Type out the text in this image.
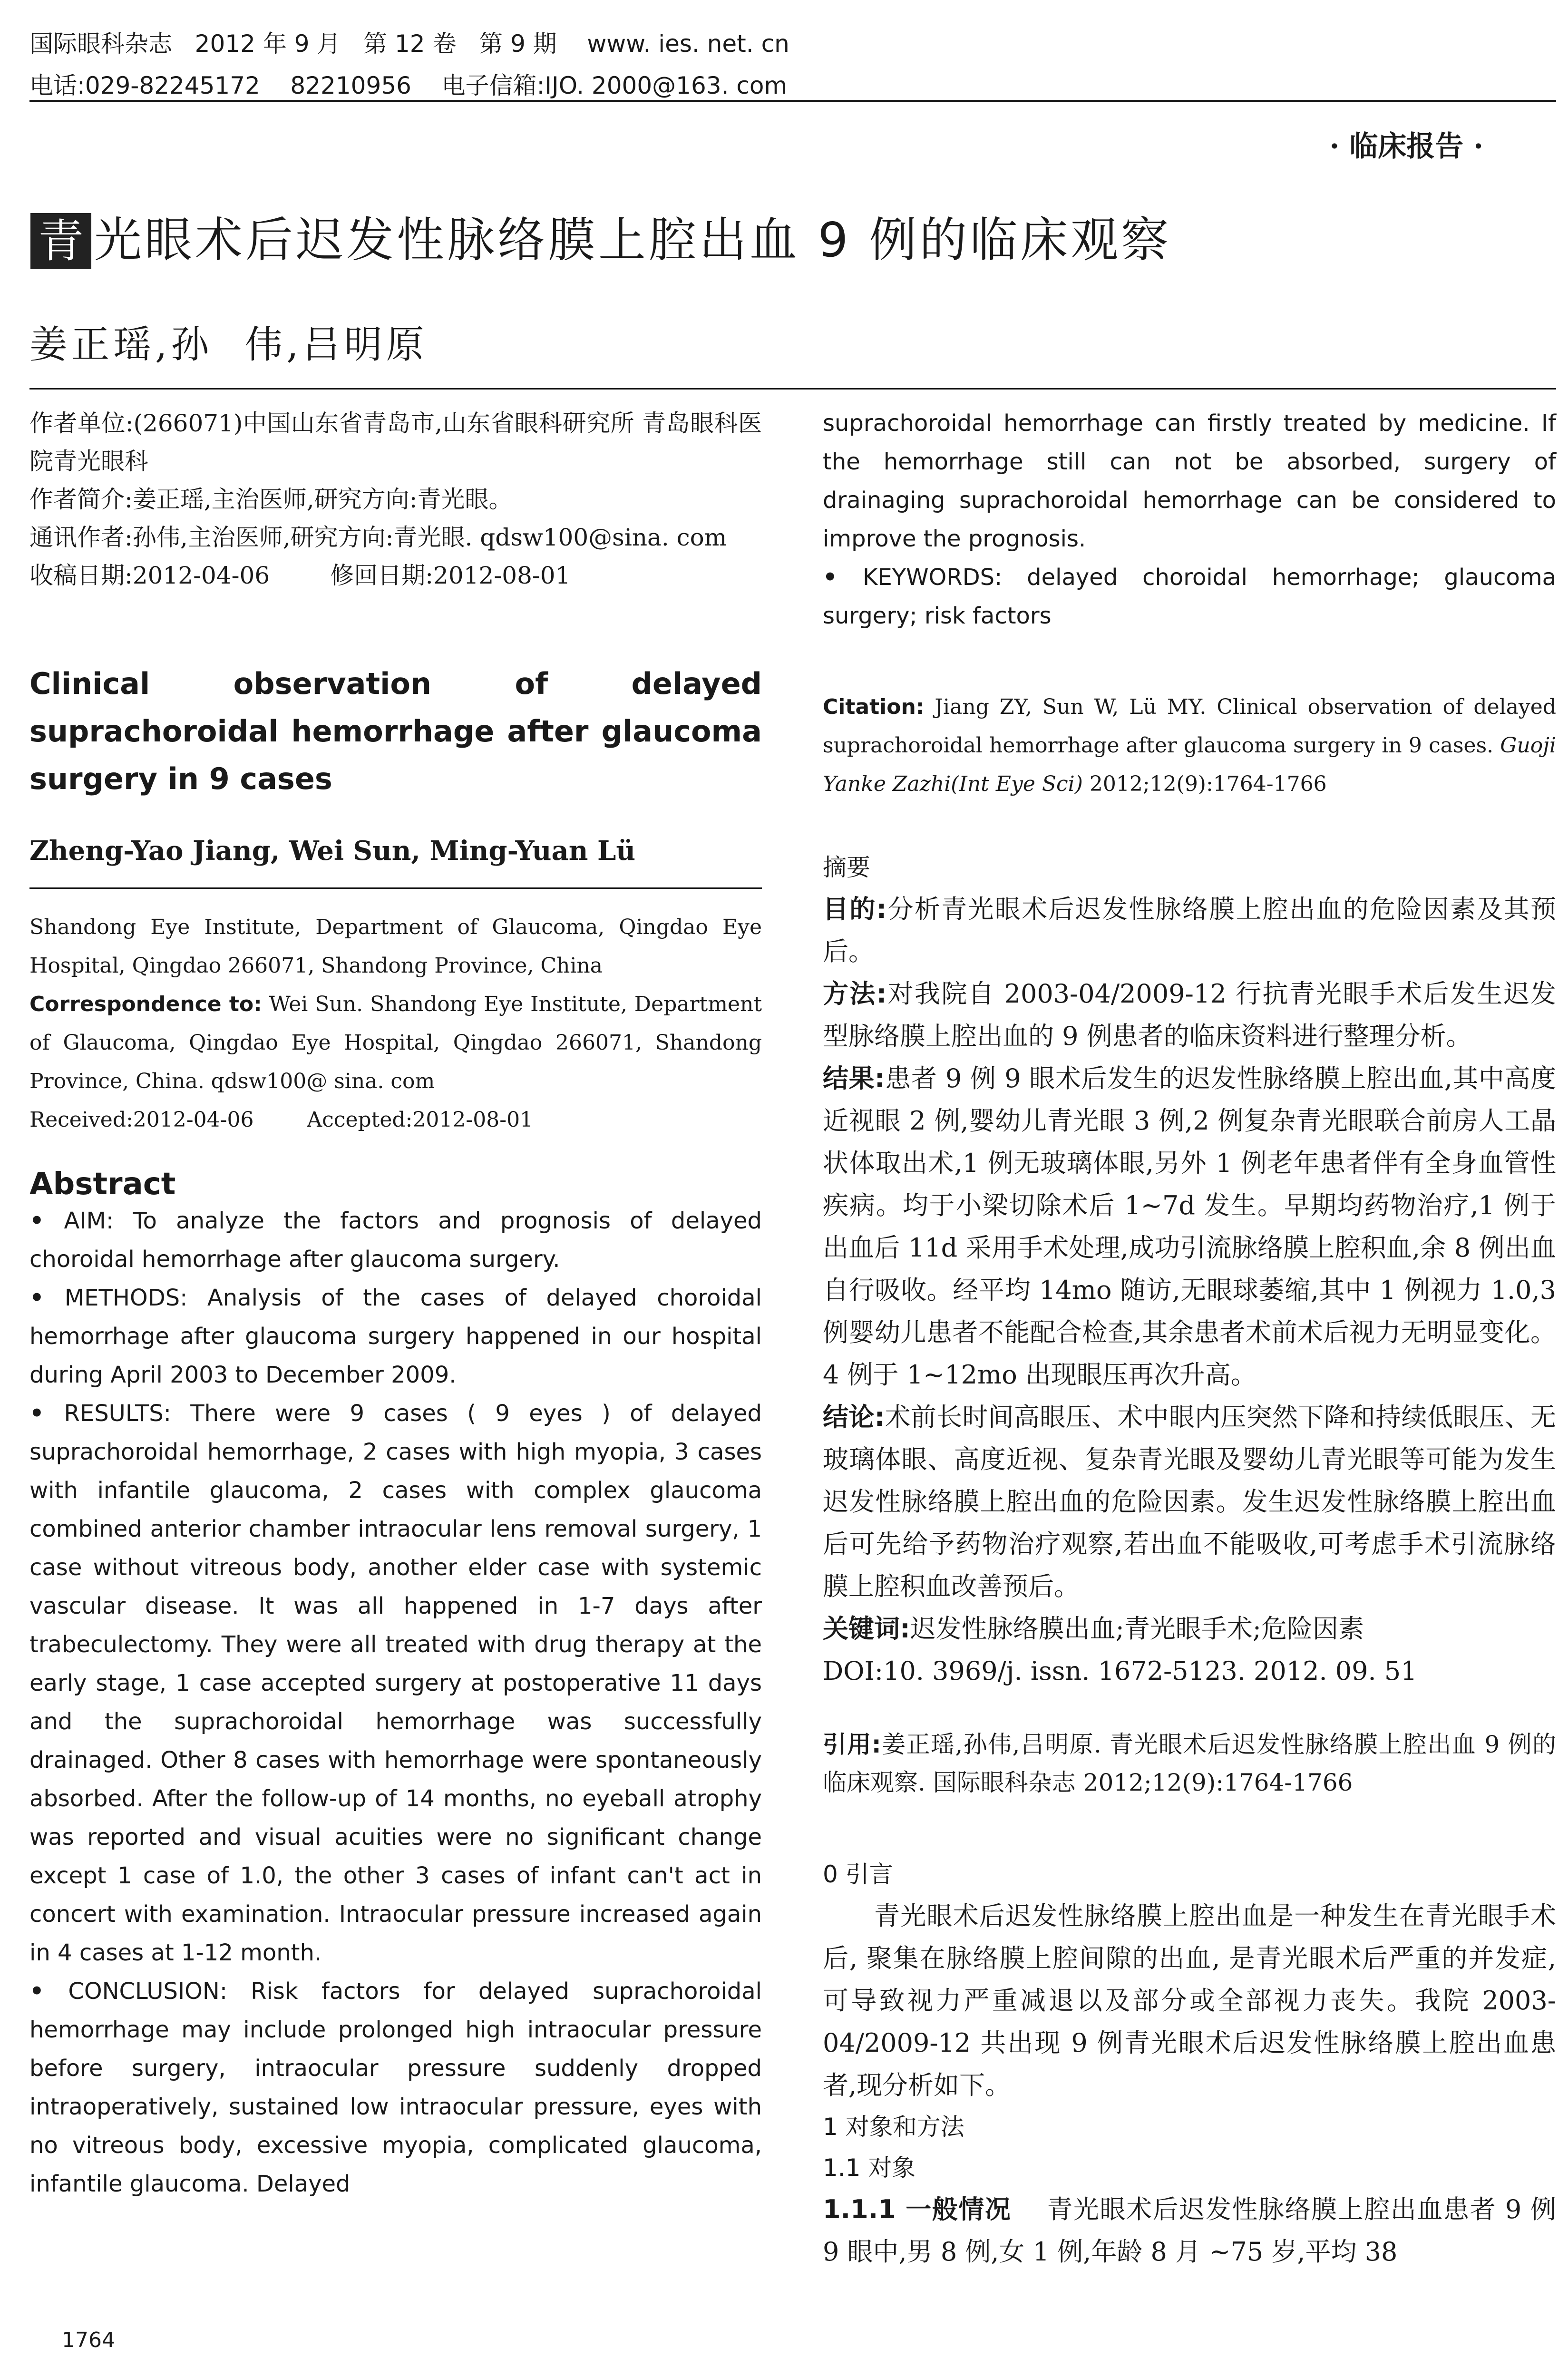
国际眼科杂志   2012 年 9 月   第 12 卷   第 9 期    www. ies. net. cn
电话:029-82245172    82210956    电子信箱:IJO. 2000@163. com
· 临床报告 ·
青 光眼术后迟发性脉络膜上腔出血 9 例的临床观察
姜正瑶,孙  伟,吕明原

作者单位:(266071)中国山东省青岛市,山东省眼科研究所 青岛眼科医院青光眼科

作者简介:姜正瑶,主治医师,研究方向:青光眼。

通讯作者:孙伟,主治医师,研究方向:青光眼. qdsw100@sina. com

收稿日期:2012-04-06        修回日期:2012-08-01

Clinical observation of delayed suprachoroidal hemorrhage after glaucoma surgery in 9 cases

Zheng-Yao Jiang, Wei Sun, Ming-Yuan Lü

Shandong Eye Institute, Department of Glaucoma, Qingdao Eye Hospital, Qingdao 266071, Shandong Province, China

Correspondence to: Wei Sun. Shandong Eye Institute, Department of Glaucoma, Qingdao Eye Hospital, Qingdao 266071, Shandong Province, China. qdsw100@ sina. com

Received:2012-04-06        Accepted:2012-08-01

Abstract

• AIM: To analyze the factors and prognosis of delayed choroidal hemorrhage after glaucoma surgery.

• METHODS: Analysis of the cases of delayed choroidal hemorrhage after glaucoma surgery happened in our hospital during April 2003 to December 2009.

• RESULTS: There were 9 cases ( 9 eyes ) of delayed suprachoroidal hemorrhage, 2 cases with high myopia, 3 cases with infantile glaucoma, 2 cases with complex glaucoma combined anterior chamber intraocular lens removal surgery, 1 case without vitreous body, another elder case with systemic vascular disease. It was all happened in 1-7 days after trabeculectomy. They were all treated with drug therapy at the early stage, 1 case accepted surgery at postoperative 11 days and the suprachoroidal hemorrhage was successfully drainaged. Other 8 cases with hemorrhage were spontaneously absorbed. After the follow-up of 14 months, no eyeball atrophy was reported and visual acuities were no significant change except 1 case of 1.0, the other 3 cases of infant can't act in concert with examination. Intraocular pressure increased again in 4 cases at 1-12 month.

• CONCLUSION: Risk factors for delayed suprachoroidal hemorrhage may include prolonged high intraocular pressure before surgery, intraocular pressure suddenly dropped intraoperatively, sustained low intraocular pressure, eyes with no vitreous body, excessive myopia, complicated glaucoma, infantile glaucoma. Delayed

suprachoroidal hemorrhage can firstly treated by medicine. If the hemorrhage still can not be absorbed, surgery of drainaging suprachoroidal hemorrhage can be considered to improve the prognosis.

• KEYWORDS: delayed choroidal hemorrhage; glaucoma surgery; risk factors

Citation: Jiang ZY, Sun W, Lü MY. Clinical observation of delayed suprachoroidal hemorrhage after glaucoma surgery in 9 cases. Guoji Yanke Zazhi(Int Eye Sci) 2012;12(9):1764-1766

摘要

目的:分析青光眼术后迟发性脉络膜上腔出血的危险因素及其预后。

方法:对我院自 2003-04/2009-12 行抗青光眼手术后发生迟发型脉络膜上腔出血的 9 例患者的临床资料进行整理分析。

结果:患者 9 例 9 眼术后发生的迟发性脉络膜上腔出血,其中高度近视眼 2 例,婴幼儿青光眼 3 例,2 例复杂青光眼联合前房人工晶状体取出术,1 例无玻璃体眼,另外 1 例老年患者伴有全身血管性疾病。均于小梁切除术后 1~7d 发生。早期均药物治疗,1 例于出血后 11d 采用手术处理,成功引流脉络膜上腔积血,余 8 例出血自行吸收。经平均 14mo 随访,无眼球萎缩,其中 1 例视力 1.0,3 例婴幼儿患者不能配合检查,其余患者术前术后视力无明显变化。4 例于 1~12mo 出现眼压再次升高。

结论:术前长时间高眼压、术中眼内压突然下降和持续低眼压、无玻璃体眼、高度近视、复杂青光眼及婴幼儿青光眼等可能为发生迟发性脉络膜上腔出血的危险因素。发生迟发性脉络膜上腔出血后可先给予药物治疗观察,若出血不能吸收,可考虑手术引流脉络膜上腔积血改善预后。

关键词:迟发性脉络膜出血;青光眼手术;危险因素

DOI:10. 3969/j. issn. 1672-5123. 2012. 09. 51

引用:姜正瑶,孙伟,吕明原. 青光眼术后迟发性脉络膜上腔出血 9 例的临床观察. 国际眼科杂志 2012;12(9):1764-1766

0 引言

青光眼术后迟发性脉络膜上腔出血是一种发生在青光眼手术后, 聚集在脉络膜上腔间隙的出血, 是青光眼术后严重的并发症, 可导致视力严重减退以及部分或全部视力丧失。我院 2003-04/2009-12 共出现 9 例青光眼术后迟发性脉络膜上腔出血患者,现分析如下。

1 对象和方法

1.1 对象

1.1.1 一般情况    青光眼术后迟发性脉络膜上腔出血患者 9 例 9 眼中,男 8 例,女 1 例,年龄 8 月 ~75 岁,平均 38

1764
